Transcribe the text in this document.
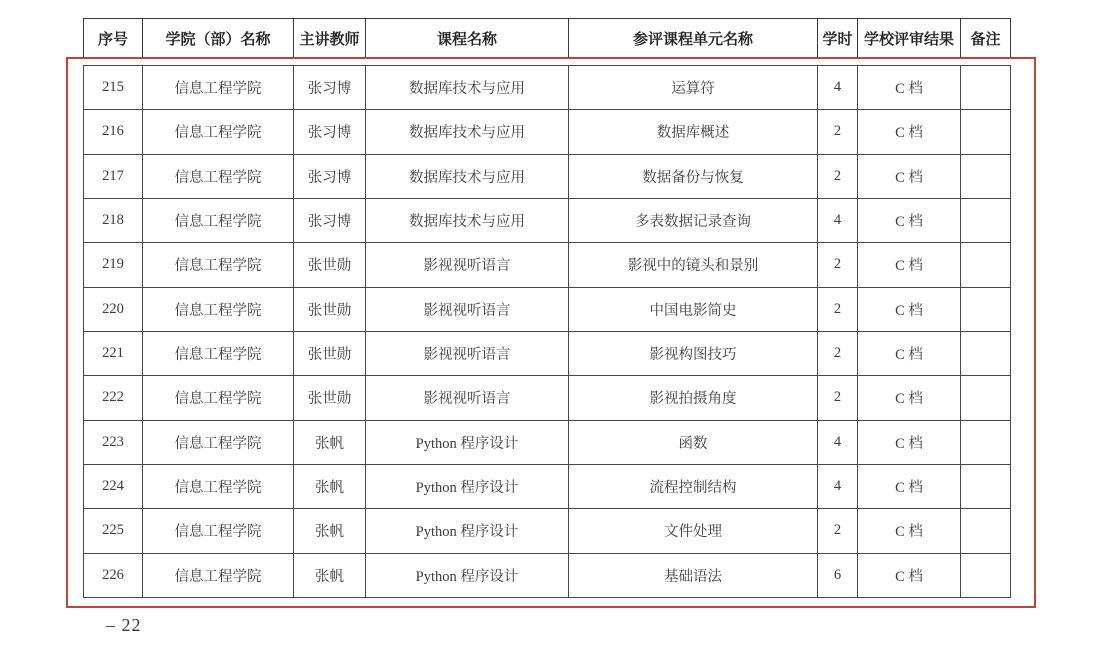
序号	学院（部）名称	主讲教师	课程名称	参评课程单元名称	学时	学校评审结果	备注
215	信息工程学院	张习博	数据库技术与应用	运算符	4	C 档	
216	信息工程学院	张习博	数据库技术与应用	数据库概述	2	C 档	
217	信息工程学院	张习博	数据库技术与应用	数据备份与恢复	2	C 档	
218	信息工程学院	张习博	数据库技术与应用	多表数据记录查询	4	C 档	
219	信息工程学院	张世勋	影视视听语言	影视中的镜头和景别	2	C 档	
220	信息工程学院	张世勋	影视视听语言	中国电影简史	2	C 档	
221	信息工程学院	张世勋	影视视听语言	影视构图技巧	2	C 档	
222	信息工程学院	张世勋	影视视听语言	影视拍摄角度	2	C 档	
223	信息工程学院	张帆	Python 程序设计	函数	4	C 档	
224	信息工程学院	张帆	Python 程序设计	流程控制结构	4	C 档	
225	信息工程学院	张帆	Python 程序设计	文件处理	2	C 档	
226	信息工程学院	张帆	Python 程序设计	基础语法	6	C 档	
– 22
